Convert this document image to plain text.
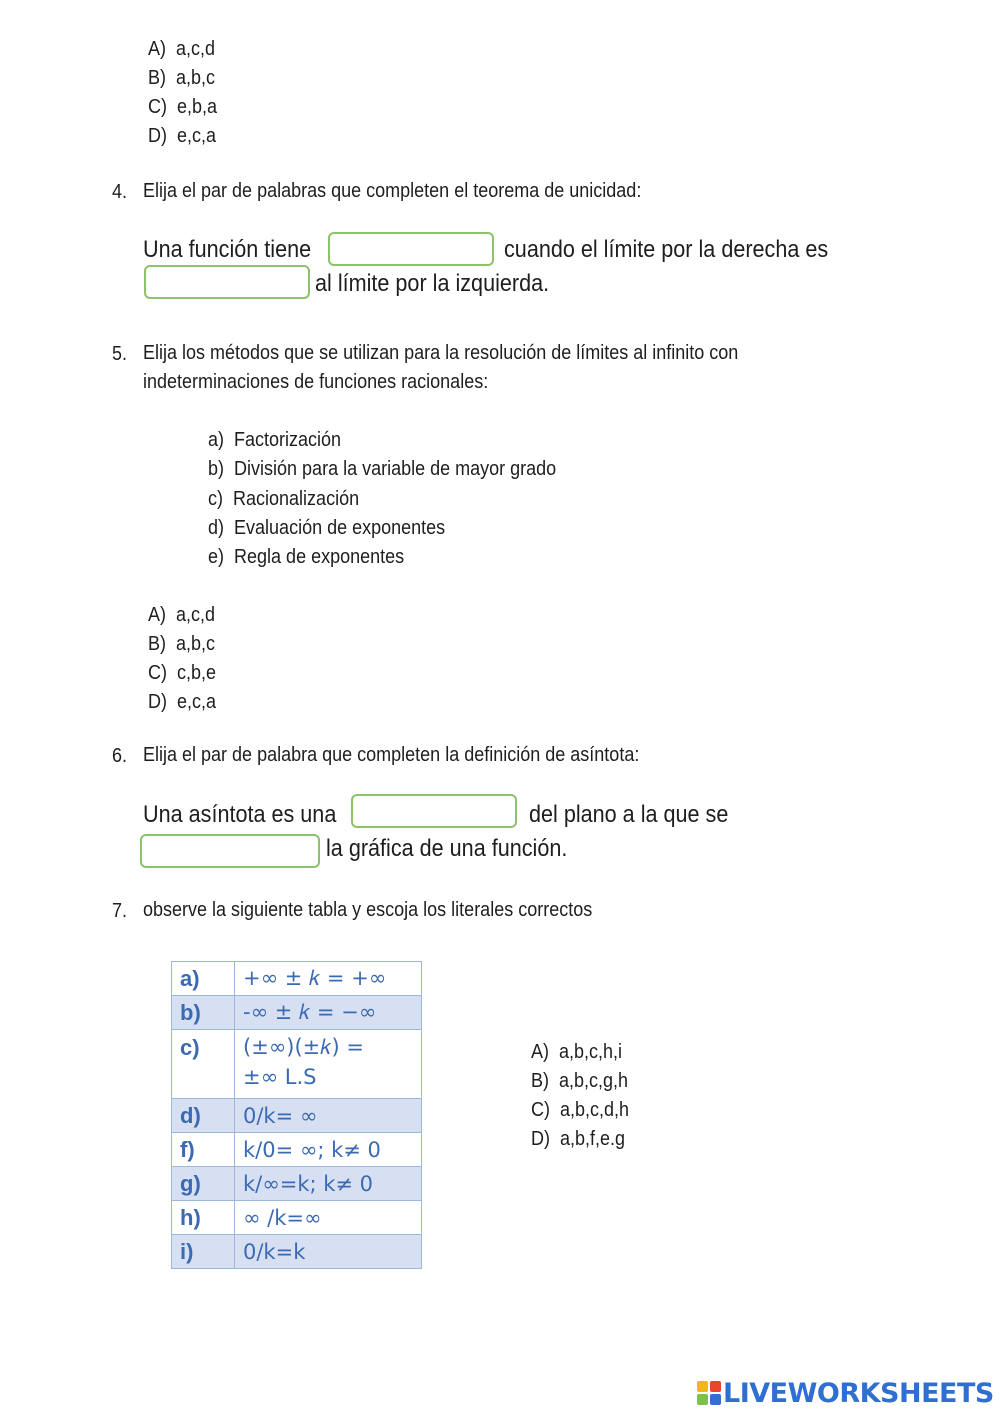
A) a,c,d
B) a,b,c
C) e,b,a
D) e,c,a
4. Elija el par de palabras que completen el teorema de unicidad:
Una función tiene	cuando el límite por la derecha es
al límite por la izquierda.
5. Elija los métodos que se utilizan para la resolución de límites al infinito con
indeterminaciones de funciones racionales:
a) Factorización
b) División para la variable de mayor grado
c) Racionalización
d) Evaluación de exponentes
e) Regla de exponentes
A) a,c,d
B) a,b,c
C) c,b,e
D) e,c,a
6. Elija el par de palabra que completen la definición de asíntota:
Una asíntota es una	del plano a la que se
la gráfica de una función.
7. observe la siguiente tabla y escoja los literales correctos
a)	+∞ ± 𝑘 = +∞
b)	-∞ ± 𝑘 = −∞
c)	(±∞)(±𝑘) =
±∞ L.S
d)	0/k= ∞
f)	k/0= ∞; k≠ 0
g)	k/∞=k; k≠ 0
h)	∞ /k=∞
i)	0/k=k
A) a,b,c,h,i
B) a,b,c,g,h
C) a,b,c,d,h
D) a,b,f,e.g
LIVEWORKSHEETS
